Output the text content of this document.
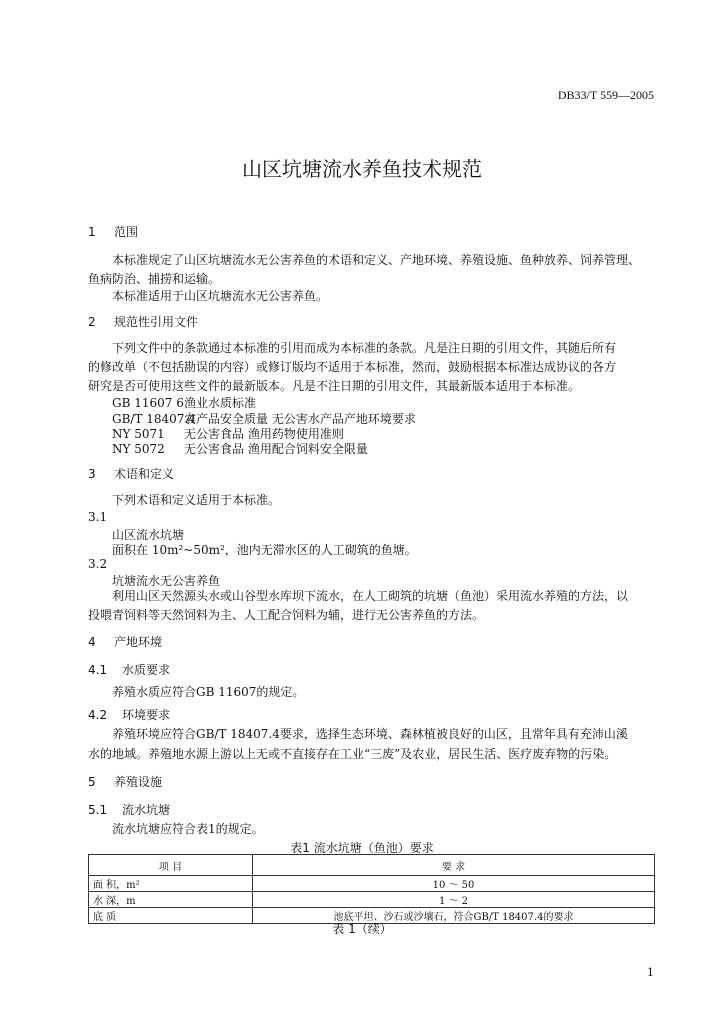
DB33/T 559—2005

山区坑塘流水养鱼技术规范
1 范围

本标准规定了山区坑塘流水无公害养鱼的术语和定义、产地环境、养殖设施、鱼种放养、饲养管理、

鱼病防治、捕捞和运输。

本标准适用于山区坑塘流水无公害养鱼。

2 规范性引用文件

下列文件中的条款通过本标准的引用而成为本标准的条款。凡是注日期的引用文件，其随后所有

的修改单（不包括勘误的内容）或修订版均不适用于本标准，然而，鼓励根据本标准达成协议的各方

研究是否可使用这些文件的最新版本。凡是不注日期的引用文件，其最新版本适用于本标准。

GB 11607 6渔业水质标准
GB/T 18407.4农产品安全质量 无公害水产品产地环境要求
NY 5071 无公害食品 渔用药物使用准则
NY 5072 无公害食品 渔用配合饲料安全限量
3 术语和定义

下列术语和定义适用于本标准。

3.1

山区流水坑塘

面积在 10m²~50m²，池内无滞水区的人工砌筑的鱼塘。

3.2

坑塘流水无公害养鱼

利用山区天然源头水或山谷型水库坝下流水，在人工砌筑的坑塘（鱼池）采用流水养殖的方法，以

投喂青饲料等天然饲料为主、人工配合饲料为辅，进行无公害养鱼的方法。

4 产地环境
4.1 水质要求

养殖水质应符合GB 11607的规定。

4.2 环境要求

养殖环境应符合GB/T 18407.4要求，选择生态环境、森林植被良好的山区，且常年具有充沛山溪

水的地域。养殖地水源上游以上无或不直接存在工业“三废”及农业，居民生活、医疗废弃物的污染。

5 养殖设施
5.1 流水坑塘

流水坑塘应符合表1的规定。

表1 流水坑塘（鱼池）要求

项 目	要 求
面 积，m²	10 ～ 50
水 深，m	1 ～ 2
底 质	池底平坦、沙石或沙壤石，符合GB/T 18407.4的要求

表 1（续）

1
